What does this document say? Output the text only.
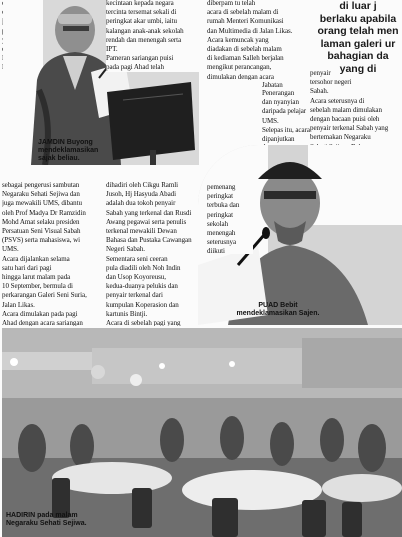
JAMDIN Buyong
mendeklamasikan
sajak beliau.

kecintaan kepada negara

tercinta tersemat sekali di

peringkat akar umbi, iaitu

kalangan anak-anak sekolah

rendah dan menengah serta

IPT.

Pameran sariangan puisi

pada pagi Ahad telah

diberpam tu telah

acara di sebelah malam di

rumah Menteri Komunikasi

dan Multimedia di Jalan Likas.

Acara kemuncak yang

diadakan di sebelah malam

di kediaman Salleh berjalan

mengikut perancangan,

dimulakan dengan acara

Jabatan Penerangan

dan nyanyian

daripada pelajar

UMS.

Selepas itu, acara

dipanjutkan

di luar j
berlaku apabila
orang telah men
laman galeri ur
bahagian da
yang di

penyair

tersohor negeri

Sabah.

Acara seterusnya di

sebelah malam dimulakan

dengan bacaan puisi oleh

penyair terkenal Sabah yang

bertemakan Negaraku

pemenang

peringkat

terbuka dan

peringkat

sekolah

menengah

seterusnya

diikuti

PUAD Bebit
mendeklamasikan Sajen.

sebagai pengerusi sambutan

Negaraku Sehati Sejiwa dan

juga mewakili UMS, dibantu

oleh Prof Madya Dr Ramzidin

Mohd Amat selaku presiden

Persatuan Seni Visual Sabah

(PSVS) serta mahasiswa, wi

UMS.

Acara dijalankan selama

satu hari dari pagi

hingga larut malam pada

10 September, bermula di

perkarangan Galeri Seni Suria,

Jalan Likas.

Acara dimulakan pada pagi

Ahad dengan acara sariangan

dihadiri oleh Cikgu Ramli

Jusoh, Hj Hasyuda Abadi

adalah dua tokoh penyair

Sabah yang terkenal dan Rusdi

Awang pegawai serta penulis

terkenal mewakili Dewan

Bahasa dan Pustaka Cawangan

Negeri Sabah.

Sementara seni ceeran

pula diadili oleh Noh Indin

dan Usop Koyoreusu,

kedua-duanya pelukis dan

penyair terkenal dari

kumpulan Koperasion dan

kartunis Bintji.

Acara di sebelah pagi yang

HADIRIN pada malam
Negaraku Sehati Sejiwa.
